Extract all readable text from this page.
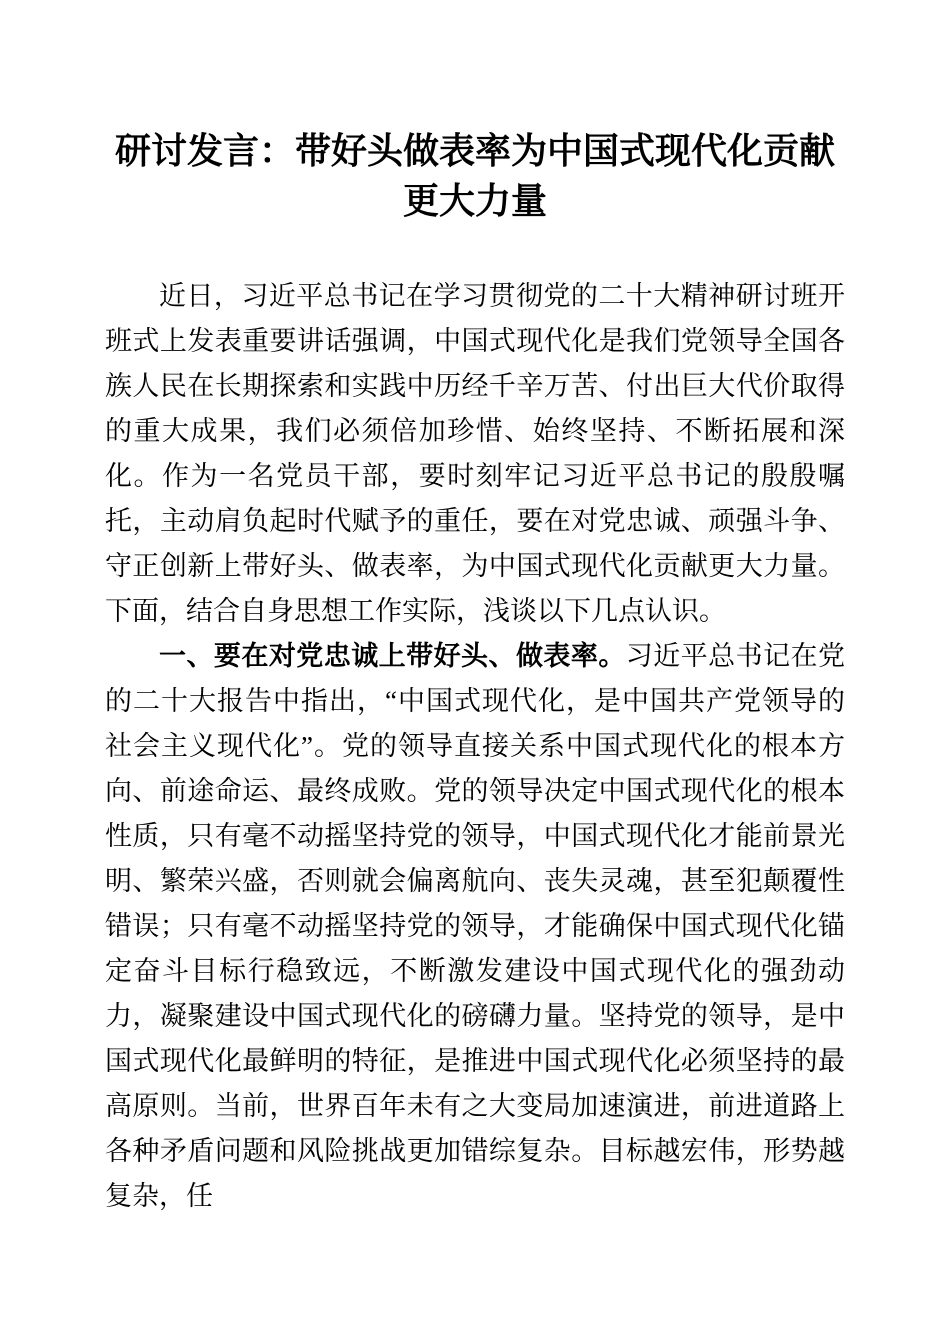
研讨发言：带好头做表率为中国式现代化贡献更大力量

近日，习近平总书记在学习贯彻党的二十大精神研讨班开班式上发表重要讲话强调，中国式现代化是我们党领导全国各族人民在长期探索和实践中历经千辛万苦、付出巨大代价取得的重大成果，我们必须倍加珍惜、始终坚持、不断拓展和深化。作为一名党员干部，要时刻牢记习近平总书记的殷殷嘱托，主动肩负起时代赋予的重任，要在对党忠诚、顽强斗争、守正创新上带好头、做表率，为中国式现代化贡献更大力量。下面，结合自身思想工作实际，浅谈以下几点认识。

一、要在对党忠诚上带好头、做表率。习近平总书记在党的二十大报告中指出，“中国式现代化，是中国共产党领导的社会主义现代化”。党的领导直接关系中国式现代化的根本方向、前途命运、最终成败。党的领导决定中国式现代化的根本性质，只有毫不动摇坚持党的领导，中国式现代化才能前景光明、繁荣兴盛，否则就会偏离航向、丧失灵魂，甚至犯颠覆性错误；只有毫不动摇坚持党的领导，才能确保中国式现代化锚定奋斗目标行稳致远，不断激发建设中国式现代化的强劲动力，凝聚建设中国式现代化的磅礴力量。坚持党的领导，是中国式现代化最鲜明的特征，是推进中国式现代化必须坚持的最高原则。当前，世界百年未有之大变局加速演进，前进道路上各种矛盾问题和风险挑战更加错综复杂。目标越宏伟，形势越复杂，任
